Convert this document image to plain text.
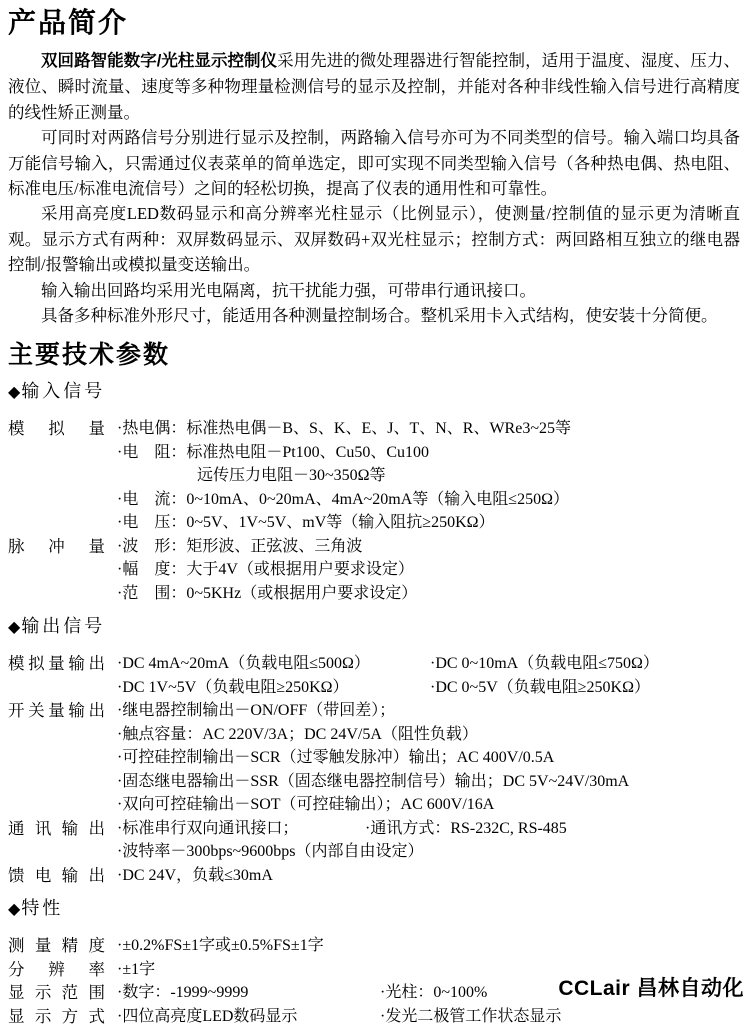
产品简介

双回路智能数字/光柱显示控制仪采用先进的微处理器进行智能控制，适用于温度、湿度、压力、液位、瞬时流量、速度等多种物理量检测信号的显示及控制，并能对各种非线性输入信号进行高精度的线性矫正测量。

可同时对两路信号分别进行显示及控制，两路输入信号亦可为不同类型的信号。输入端口均具备万能信号输入，只需通过仪表菜单的简单选定，即可实现不同类型输入信号（各种热电偶、热电阻、标准电压/标准电流信号）之间的轻松切换，提高了仪表的通用性和可靠性。

采用高亮度LED数码显示和高分辨率光柱显示（比例显示），使测量/控制值的显示更为清晰直观。显示方式有两种：双屏数码显示、双屏数码+双光柱显示；控制方式：两回路相互独立的继电器控制/报警输出或模拟量变送输出。

输入输出回路均采用光电隔离，抗干扰能力强，可带串行通讯接口。

具备多种标准外形尺寸，能适用各种测量控制场合。整机采用卡入式结构，使安装十分简便。

主要技术参数
◆输入信号
模拟量 ·热电偶：标准热电偶－B、S、K、E、J、T、N、R、WRe3~25等
·电　阻：标准热电阻－Pt100、Cu50、Cu100
远传压力电阻－30~350Ω等
·电　流：0~10mA、0~20mA、4mA~20mA等（输入电阻≤250Ω）
·电　压：0~5V、1V~5V、mV等（输入阻抗≥250KΩ）
脉冲量 ·波　形：矩形波、正弦波、三角波
·幅　度：大于4V（或根据用户要求设定）
·范　围：0~5KHz（或根据用户要求设定）
◆输出信号
模拟量输出 ·DC 4mA~20mA（负载电阻≤500Ω）	·DC 0~10mA（负载电阻≤750Ω）
·DC 1V~5V（负载电阻≥250KΩ）	·DC 0~5V（负载电阻≥250KΩ）
开关量输出 ·继电器控制输出－ON/OFF（带回差）；
·触点容量：AC 220V/3A；DC 24V/5A（阻性负载）
·可控硅控制输出－SCR（过零触发脉冲）输出；AC 400V/0.5A
·固态继电器输出－SSR（固态继电器控制信号）输出；DC 5V~24V/30mA
·双向可控硅输出－SOT（可控硅输出）；AC 600V/16A
通讯输出 ·标准串行双向通讯接口；	·通讯方式：RS-232C, RS-485
·波特率－300bps~9600bps（内部自由设定）
馈电输出 ·DC 24V，负载≤30mA
◆特性
测量精度 ·±0.2%FS±1字或±0.5%FS±1字
分辨率 ·±1字
显示范围 ·数字：-1999~9999	·光柱：0~100%
显示方式 ·四位高亮度LED数码显示	·发光二极管工作状态显示
CCLair 昌林自动化
